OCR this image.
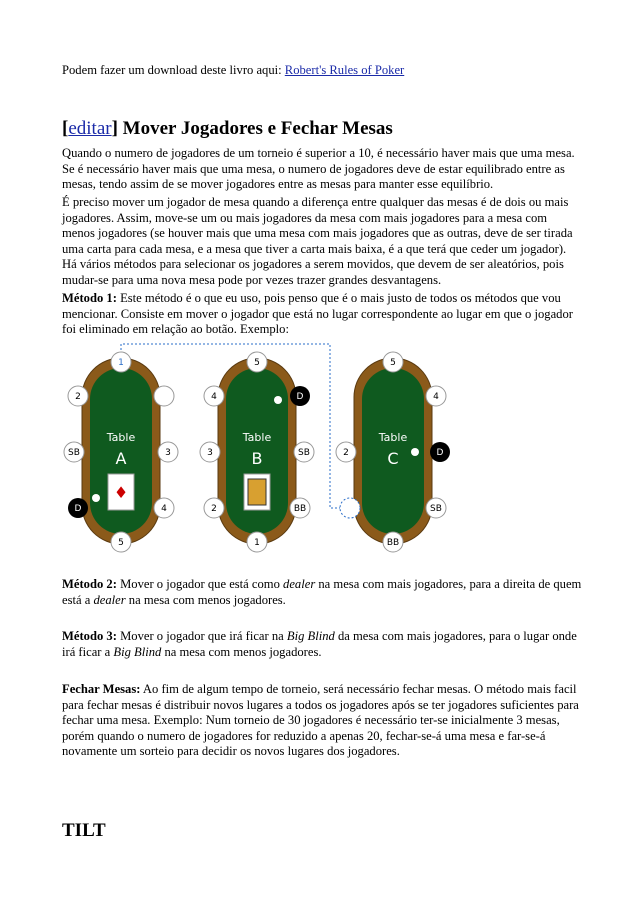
Podem fazer um download deste livro aqui: Robert's Rules of Poker

[editar] Mover Jogadores e Fechar Mesas

Quando o numero de jogadores de um torneio é superior a 10, é necessário haver mais que uma mesa. Se é necessário haver mais que uma mesa, o numero de jogadores deve de estar equilibrado entre as mesas, tendo assim de se mover jogadores entre as mesas para manter esse equilíbrio.

É preciso mover um jogador de mesa quando a diferença entre qualquer das mesas é de dois ou mais jogadores. Assim, move-se um ou mais jogadores da mesa com mais jogadores para a mesa com menos jogadores (se houver mais que uma mesa com mais jogadores que as outras, deve de ser tirada uma carta para cada mesa, e a mesa que tiver a carta mais baixa, é a que terá que ceder um jogador). Há vários métodos para selecionar os jogadores a serem movidos, que devem de ser aleatórios, pois mudar-se para uma nova mesa pode por vezes trazer grandes desvantagens.

Método 1: Este método é o que eu uso, pois penso que é o mais justo de todos os métodos que vou mencionar. Consiste em mover o jogador que está no lugar correspondente ao lugar em que o jogador foi eliminado em relação ao botão. Exemplo:

Table
A
♦
1
2
SB
D
5
4
3
Table
B
5
4
3
2
1
BB
SB
D
Table
C
5
4
2
BB
SB
D

Método 2: Mover o jogador que está como dealer na mesa com mais jogadores, para a direita de quem está a dealer na mesa com menos jogadores.

Método 3: Mover o jogador que irá ficar na Big Blind da mesa com mais jogadores, para o lugar onde irá ficar a Big Blind na mesa com menos jogadores.

Fechar Mesas: Ao fim de algum tempo de torneio, será necessário fechar mesas. O método mais facil para fechar mesas é distribuir novos lugares a todos os jogadores após se ter jogadores suficientes para fechar uma mesa. Exemplo: Num torneio de 30 jogadores é necessário ter-se inicialmente 3 mesas, porém quando o numero de jogadores for reduzido a apenas 20, fechar-se-á uma mesa e far-se-á novamente um sorteio para decidir os novos lugares dos jogadores.

TILT
